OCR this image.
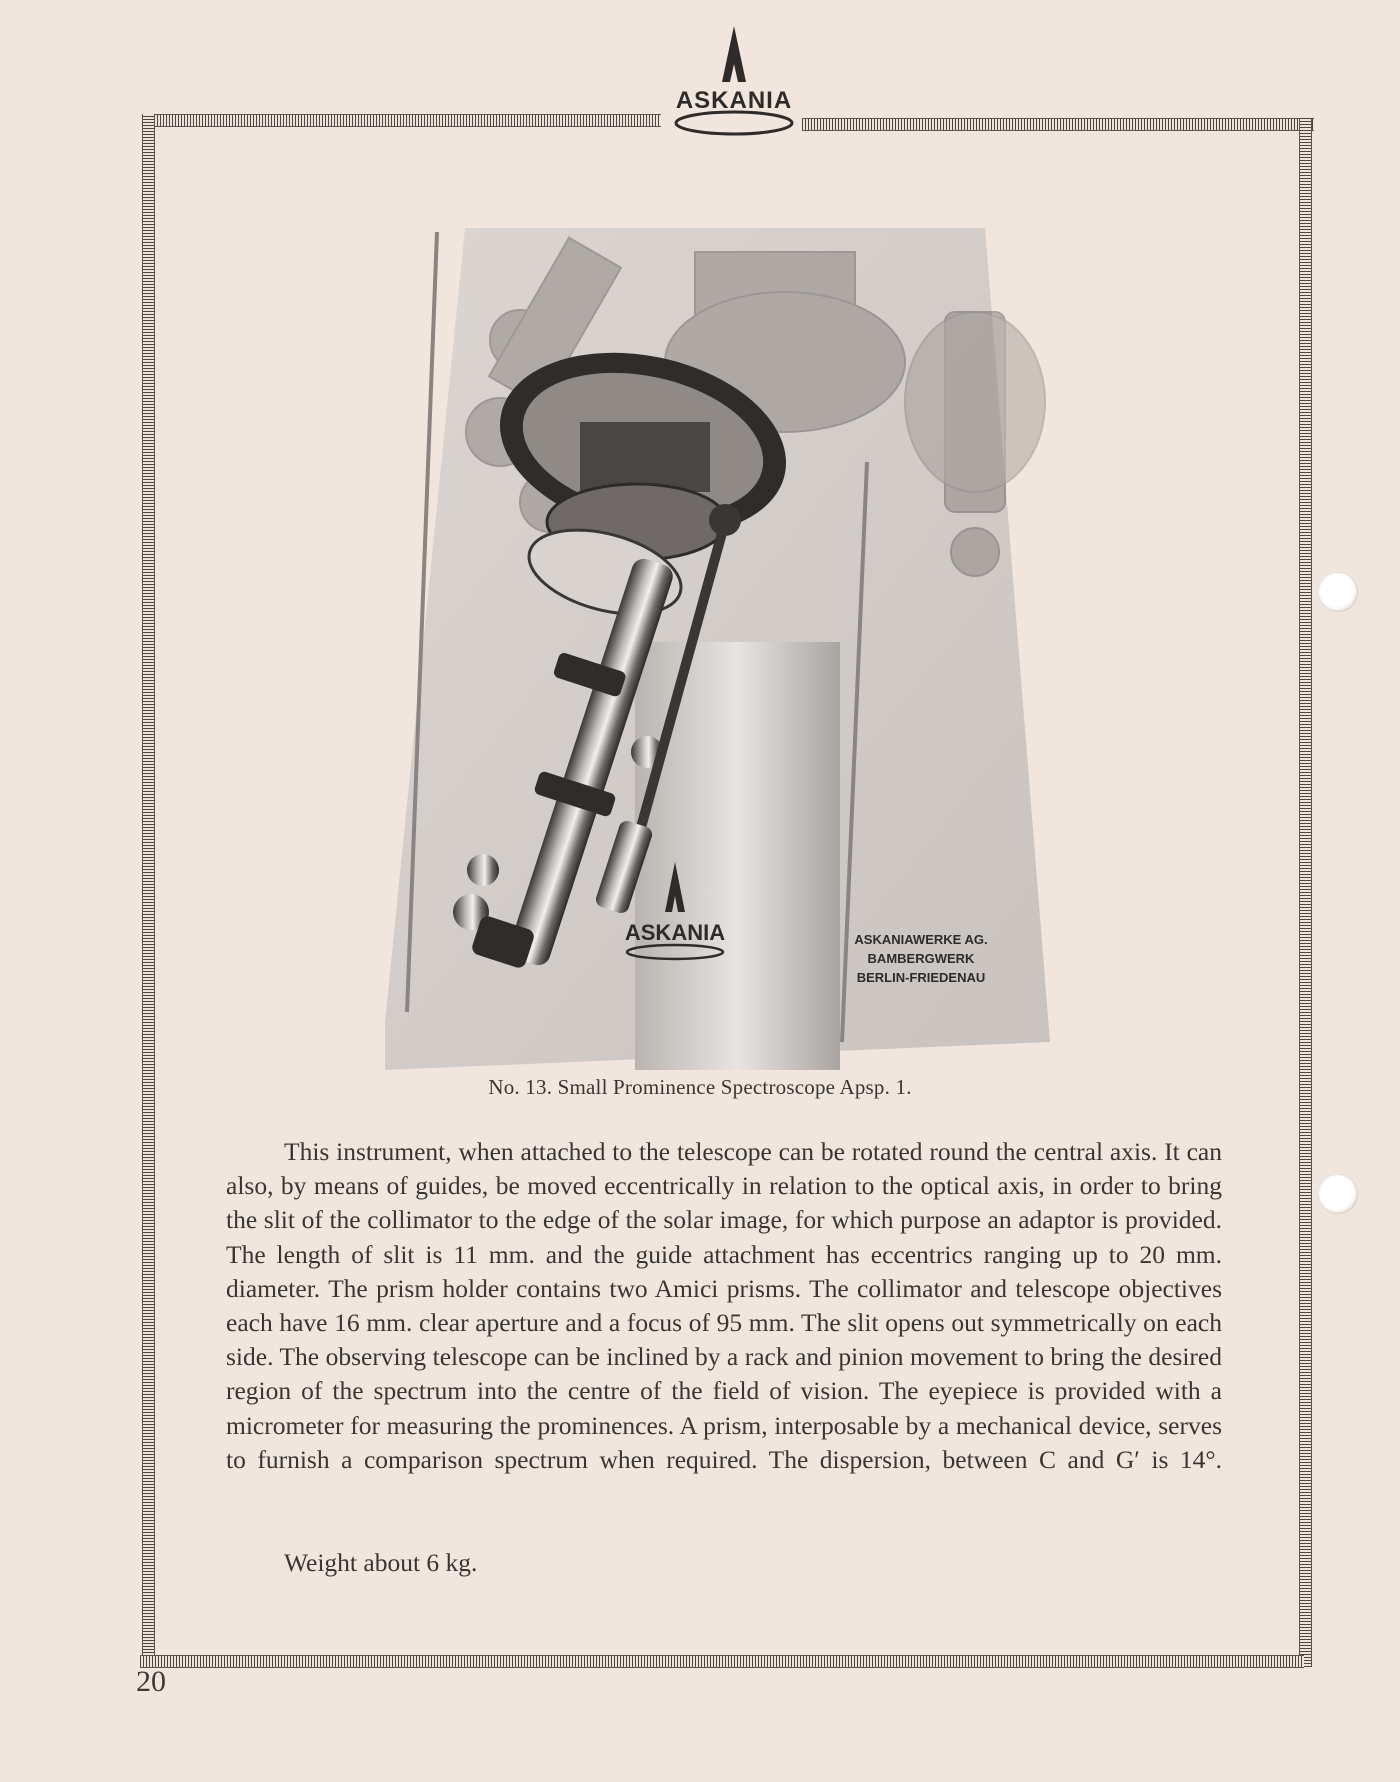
ASKANIA
ASKANIA	ASKANIAWERKE AG.
BAMBERGWERK
BERLIN-FRIEDENAU
No. 13. Small Prominence Spectroscope Apsp. 1.

This instrument, when attached to the telescope can be rotated round the central axis. It can also, by means of guides, be moved eccentrically in relation to the optical axis, in order to bring the slit of the collimator to the edge of the solar image, for which purpose an adaptor is provided. The length of slit is 11 mm. and the guide attachment has eccentrics ranging up to 20 mm. diameter. The prism holder contains two Amici prisms. The collimator and telescope objectives each have 16 mm. clear aperture and a focus of 95 mm. The slit opens out symmetrically on each side. The observing telescope can be inclined by a rack and pinion movement to bring the desired region of the spectrum into the centre of the field of vision. The eyepiece is provided with a micrometer for measuring the prominences. A prism, interposable by a mechanical device, serves to furnish a comparison spectrum when required. The dispersion, between C and G′ is 14°.

Weight about 6 kg.
20
